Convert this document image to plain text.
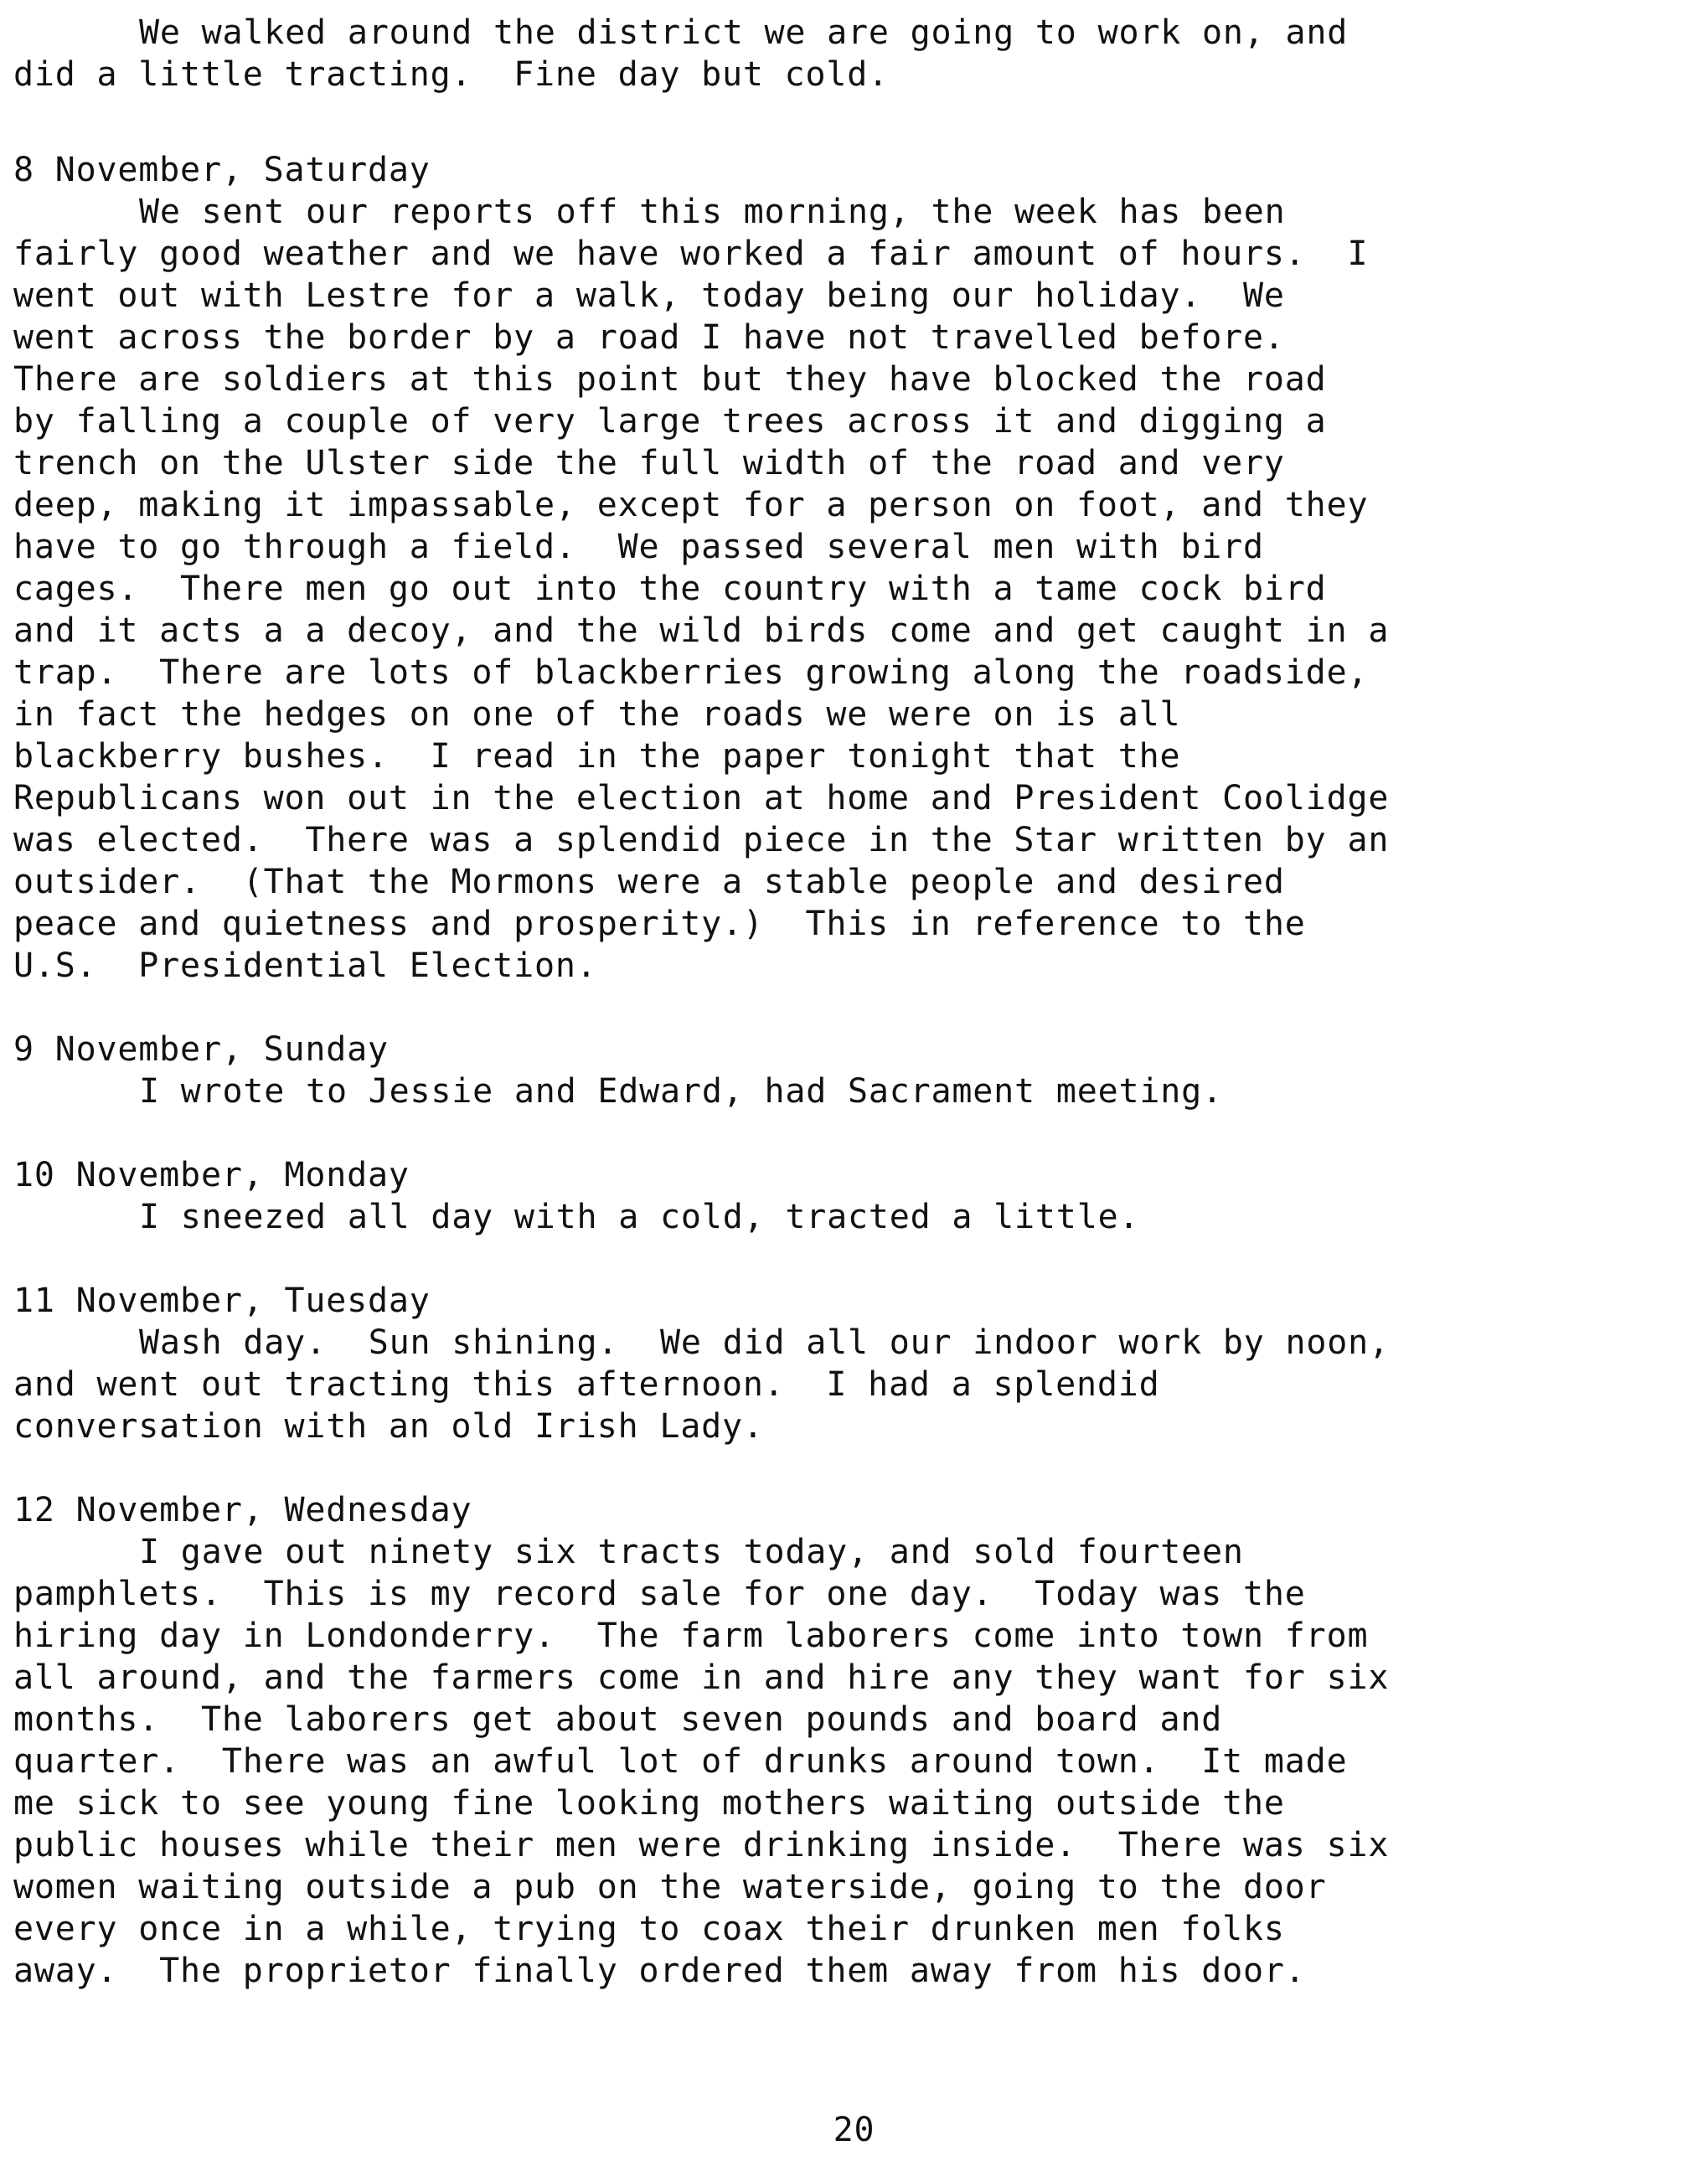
We walked around the district we are going to work on, and
did a little tracting.  Fine day but cold.
8 November, Saturday
We sent our reports off this morning, the week has been
fairly good weather and we have worked a fair amount of hours.  I
went out with Lestre for a walk, today being our holiday.  We
went across the border by a road I have not travelled before.
There are soldiers at this point but they have blocked the road
by falling a couple of very large trees across it and digging a
trench on the Ulster side the full width of the road and very
deep, making it impassable, except for a person on foot, and they
have to go through a field.  We passed several men with bird
cages.  There men go out into the country with a tame cock bird
and it acts a a decoy, and the wild birds come and get caught in a
trap.  There are lots of blackberries growing along the roadside,
in fact the hedges on one of the roads we were on is all
blackberry bushes.  I read in the paper tonight that the
Republicans won out in the election at home and President Coolidge
was elected.  There was a splendid piece in the Star written by an
outsider.  (That the Mormons were a stable people and desired
peace and quietness and prosperity.)  This in reference to the
U.S.  Presidential Election.
9 November, Sunday
I wrote to Jessie and Edward, had Sacrament meeting.
10 November, Monday
I sneezed all day with a cold, tracted a little.
11 November, Tuesday
Wash day.  Sun shining.  We did all our indoor work by noon,
and went out tracting this afternoon.  I had a splendid
conversation with an old Irish Lady.
12 November, Wednesday
I gave out ninety six tracts today, and sold fourteen
pamphlets.  This is my record sale for one day.  Today was the
hiring day in Londonderry.  The farm laborers come into town from
all around, and the farmers come in and hire any they want for six
months.  The laborers get about seven pounds and board and
quarter.  There was an awful lot of drunks around town.  It made
me sick to see young fine looking mothers waiting outside the
public houses while their men were drinking inside.  There was six
women waiting outside a pub on the waterside, going to the door
every once in a while, trying to coax their drunken men folks
away.  The proprietor finally ordered them away from his door.
20
